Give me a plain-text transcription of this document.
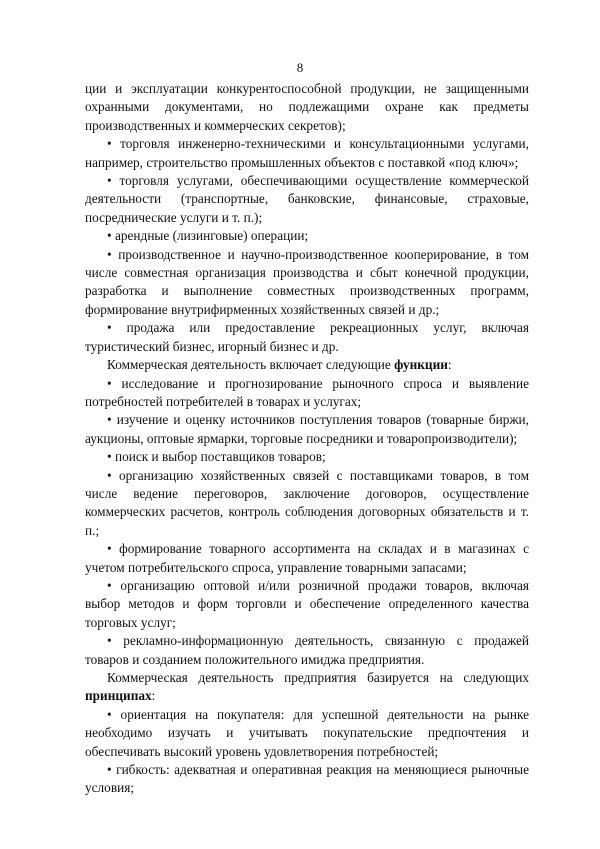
8

ции и эксплуатации конкурентоспособной продукции, не защищенными охранными документами, но подлежащими охране как предметы производственных и коммерческих секретов);

• торговля инженерно-техническими и консультационными услугами, например, строительство промышленных объектов с поставкой «под ключ»;

• торговля услугами, обеспечивающими осуществление коммерческой деятельности (транспортные, банковские, финансовые, страховые, посреднические услуги и т. п.);

• арендные (лизинговые) операции;

• производственное и научно-производственное кооперирование, в том числе совместная организация производства и сбыт конечной продукции, разработка и выполнение совместных производственных программ, формирование внутрифирменных хозяйственных связей и др.;

• продажа или предоставление рекреационных услуг, включая туристический бизнес, игорный бизнес и др.

Коммерческая деятельность включает следующие функции:

• исследование и прогнозирование рыночного спроса и выявление потребностей потребителей в товарах и услугах;

• изучение и оценку источников поступления товаров (товарные биржи, аукционы, оптовые ярмарки, торговые посредники и товаропроизводители);

• поиск и выбор поставщиков товаров;

• организацию хозяйственных связей с поставщиками товаров, в том числе ведение переговоров, заключение договоров, осуществление коммерческих расчетов, контроль соблюдения договорных обязательств и т. п.;

• формирование товарного ассортимента на складах и в магазинах с учетом потребительского спроса, управление товарными запасами;

• организацию оптовой и/или розничной продажи товаров, включая выбор методов и форм торговли и обеспечение определенного качества торговых услуг;

• рекламно-информационную деятельность, связанную с продажей товаров и созданием положительного имиджа предприятия.

Коммерческая деятельность предприятия базируется на следующих принципах:

• ориентация на покупателя: для успешной деятельности на рынке необходимо изучать и учитывать покупательские предпочтения и обеспечивать высокий уровень удовлетворения потребностей;

• гибкость: адекватная и оперативная реакция на меняющиеся рыночные условия;
